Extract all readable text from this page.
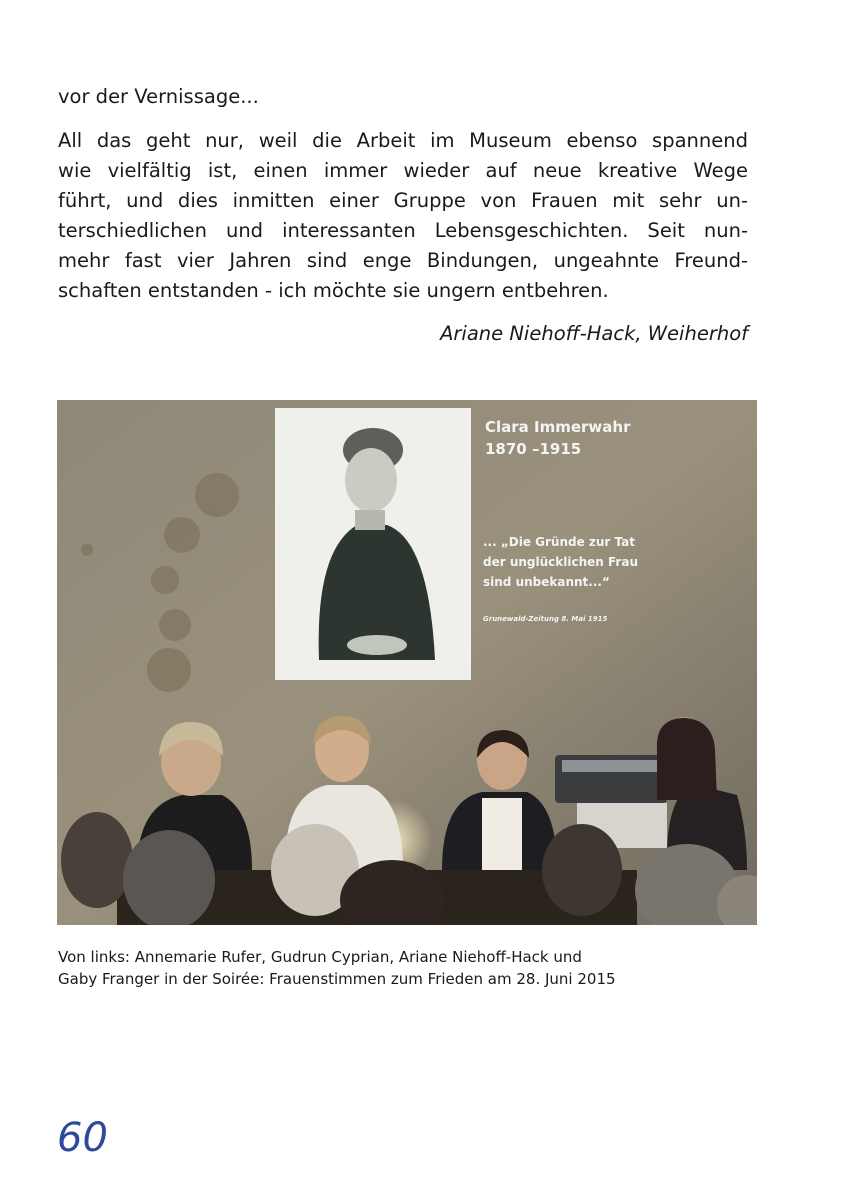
vor der Vernissage...
All das geht nur, weil die Arbeit im Museum ebenso spannend
wie vielfältig ist, einen immer wieder auf neue kreative Wege
führt, und dies inmitten einer Gruppe von Frauen mit sehr un-
terschiedlichen und interessanten Lebensgeschichten. Seit nun-
mehr fast vier Jahren sind enge Bindungen, ungeahnte Freund-
schaften entstanden - ich möchte sie ungern entbehren.
Ariane Niehoff-Hack, Weiherhof
Clara Immerwahr
1870 –1915
... „Die Gründe zur Tat
der unglücklichen Frau
sind unbekannt...“
Grunewald-Zeitung 8. Mai 1915
Von links: Annemarie Rufer, Gudrun Cyprian, Ariane Niehoff-Hack und
Gaby Franger in der Soirée: Frauenstimmen zum Frieden am 28. Juni 2015
60
